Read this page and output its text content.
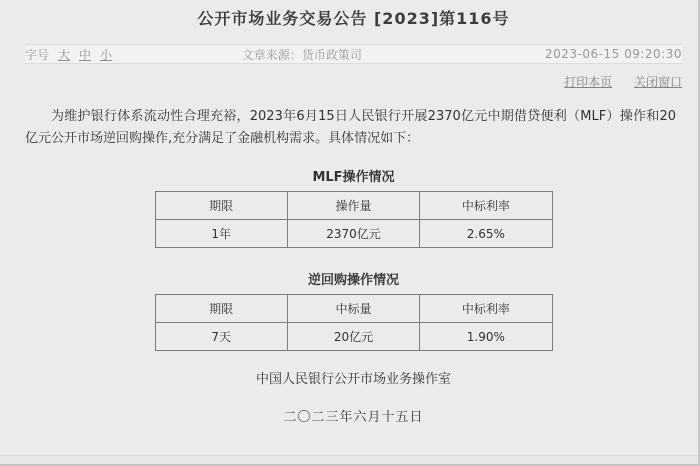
公开市场业务交易公告 [2023]第116号
字号 大 中 小	文章来源：货币政策司	2023-06-15 09:20:30
打印本页 关闭窗口

为维护银行体系流动性合理充裕，2023年6月15日人民银行开展2370亿元中期借贷便利（MLF）操作和20亿元公开市场逆回购操作,充分满足了金融机构需求。具体情况如下：

MLF操作情况
期限	操作量	中标利率
1年	2370亿元	2.65%
逆回购操作情况
期限	中标量	中标利率
7天	20亿元	1.90%
中国人民银行公开市场业务操作室
二〇二三年六月十五日
